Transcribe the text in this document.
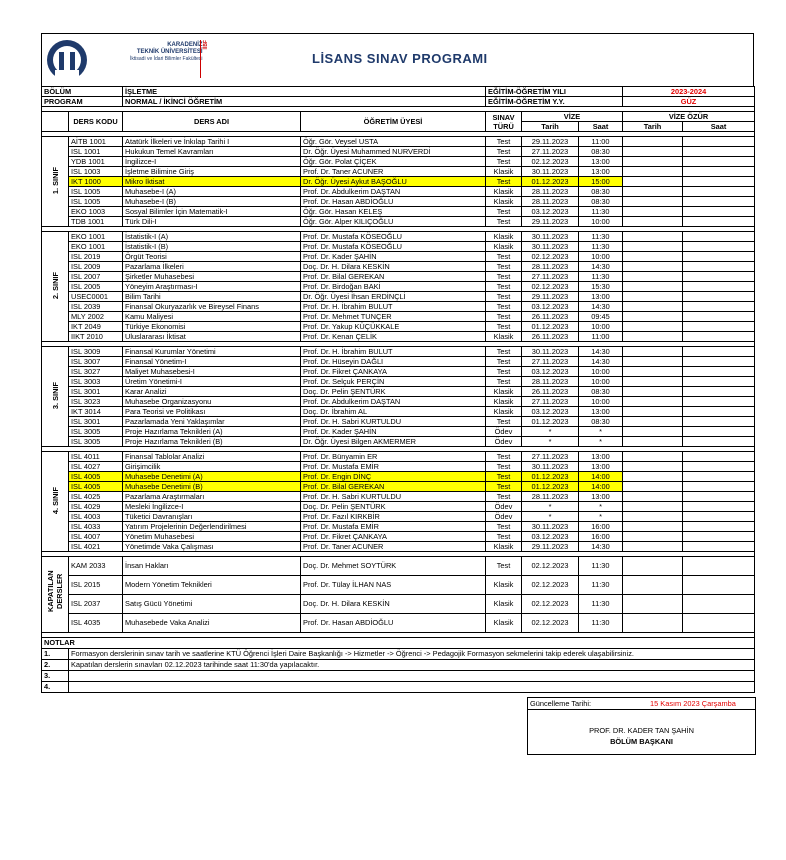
KARADENİZ
TEKNİK ÜNİVERSİTESİ
İktisadi ve İdari Bilimler Fakültesi
İİBF
LİSANS SINAV PROGRAMI
BÖLÜM		İŞLETME		EĞİTİM-ÖĞRETİM YILI			2023-2024	
PROGRAM		NORMAL / İKİNCİ ÖĞRETİM		EĞİTİM-ÖĞRETİM Y.Y.			GÜZ	

	DERS KODU	DERS ADI	ÖĞRETİM ÜYESİ	SINAV TÜRÜ	VİZE		VİZE ÖZÜR	
					Tarih	Saat	Tarih	Saat

1. SINIF	AİTB 1001	Atatürk İlkeleri ve İnkılap Tarihi I	Öğr. Gör. Veysel USTA	Test	29.11.2023	11:00		
	ISL 1001	Hukukun Temel Kavramları	Dr. Öğr. Üyesi Muhammed NURVERDİ	Test	27.11.2023	08:30		
	YDB 1001	İngilizce-I	Öğr. Gör. Polat ÇİÇEK	Test	02.12.2023	13:00		
	ISL 1003	İşletme Bilimine Giriş	Prof. Dr. Taner ACUNER	Klasik	30.11.2023	13:00		
	IKT 1000	Mikro İktisat	Dr. Öğr. Üyesi Aykut BAŞOĞLU	Test	01.12.2023	15:00		
	ISL 1005	Muhasebe-I (A)	Prof. Dr. Abdulkerim DAŞTAN	Klasik	28.11.2023	08:30		
	ISL 1005	Muhasebe-I (B)	Prof. Dr. Hasan ABDİOĞLU	Klasik	28.11.2023	08:30		
	EKO 1003	Sosyal Bilimler İçin Matematik-I	Öğr. Gör. Hasan KELEŞ	Test	03.12.2023	11:30		
	TDB 1001	Türk Dili-I	Öğr. Gör. Alper KILIÇOĞLU	Test	29.11.2023	10:00		

2. SINIF	EKO 1001	İstatistik-I (A)	Prof. Dr. Mustafa KÖSEOĞLU	Klasik	30.11.2023	11:30		
	EKO 1001	İstatistik-I (B)	Prof. Dr. Mustafa KÖSEOĞLU	Klasik	30.11.2023	11:30		
	ISL 2019	Örgüt Teorisi	Prof. Dr. Kader ŞAHİN	Test	02.12.2023	10:00		
	ISL 2009	Pazarlama İlkeleri	Doç. Dr. H. Dilara KESKİN	Test	28.11.2023	14:30		
	ISL 2007	Şirketler Muhasebesi	Prof. Dr. Bilal GEREKAN	Test	27.11.2023	11:30		
	ISL 2005	Yöneyim Araştırması-I	Prof. Dr. Birdoğan BAKİ	Test	02.12.2023	15:30		
	USEC0001	Bilim Tarihi	Dr. Öğr. Üyesi İhsan ERDİNÇLİ	Test	29.11.2023	13:00		
	ISL 2039	Finansal Okuryazarlık ve Bireysel Finans	Prof. Dr. H. İbrahim BULUT	Test	03.12.2023	14:30		
	MLY 2002	Kamu Maliyesi	Prof. Dr. Mehmet TUNÇER	Test	26.11.2023	09:45		
	IKT 2049	Türkiye Ekonomisi	Prof. Dr. Yakup KÜÇÜKKALE	Test	01.12.2023	10:00		
	IIKT 2010	Uluslararası İktisat	Prof. Dr. Kenan ÇELİK	Klasik	26.11.2023	11:00		

3. SINIF	ISL 3009	Finansal Kurumlar Yönetimi	Prof. Dr. H. İbrahim BULUT	Test	30.11.2023	14:30		
	ISL 3007	Finansal Yönetim-I	Prof. Dr. Hüseyin DAĞLI	Test	27.11.2023	14:30		
	ISL 3027	Maliyet Muhasebesi-I	Prof. Dr. Fikret ÇANKAYA	Test	03.12.2023	10:00		
	ISL 3003	Üretim Yönetimi-I	Prof. Dr. Selçuk PERÇİN	Test	28.11.2023	10:00		
	ISL 3001	Karar Analizi	Doç. Dr. Pelin ŞENTÜRK	Klasik	26.11.2023	08:30		
	ISL 3023	Muhasebe Organizasyonu	Prof. Dr. Abdulkerim DAŞTAN	Klasik	27.11.2023	10:00		
	IKT 3014	Para Teorisi ve Politikası	Doç. Dr. İbrahim AL	Klasik	03.12.2023	13:00		
	ISL 3001	Pazarlamada Yeni Yaklaşımlar	Prof. Dr. H. Sabri KURTULDU	Test	01.12.2023	08:30		
	ISL 3005	Proje Hazırlama Teknikleri (A)	Prof. Dr. Kader ŞAHİN	Ödev	*	*		
	ISL 3005	Proje Hazırlama Teknikleri (B)	Dr. Öğr. Üyesi Bilgen AKMERMER	Ödev	*	*		

4. SINIF	ISL 4011	Finansal Tablolar Analizi	Prof. Dr. Bünyamin ER	Test	27.11.2023	13:00		
	ISL 4027	Girişimcilik	Prof. Dr. Mustafa EMİR	Test	30.11.2023	13:00		
	ISL 4005	Muhasebe Denetimi (A)	Prof. Dr. Engin DİNÇ	Test	01.12.2023	14:00		
	ISL 4005	Muhasebe Denetimi (B)	Prof. Dr. Bilal GEREKAN	Test	01.12.2023	14:00		
	ISL 4025	Pazarlama Araştırmaları	Prof. Dr. H. Sabri KURTULDU	Test	28.11.2023	13:00		
	ISL 4029	Mesleki İngilizce-I	Doç. Dr. Pelin ŞENTÜRK	Ödev	*	*		
	ISL 4003	Tüketici Davranışları	Prof. Dr. Fazıl KIRKBİR	Ödev	*	*		
	ISL 4033	Yatırım Projelerinin Değerlendirilmesi	Prof. Dr. Mustafa EMİR	Test	30.11.2023	16:00		
	ISL 4007	Yönetim Muhasebesi	Prof. Dr. Fikret ÇANKAYA	Test	03.12.2023	16:00		
	ISL 4021	Yönetimde Vaka Çalışması	Prof. Dr. Taner ACUNER	Klasik	29.11.2023	14:30		

KAPATILAN DERSLER	KAM 2033	İnsan Hakları	Doç. Dr. Mehmet SOYTÜRK	Test	02.12.2023	11:30		
	ISL 2015	Modern Yönetim Teknikleri	Prof. Dr. Tülay İLHAN NAS	Klasik	02.12.2023	11:30		
	ISL 2037	Satış Gücü Yönetimi	Doç. Dr. H. Dilara KESKİN	Klasik	02.12.2023	11:30		
	ISL 4035	Muhasebede Vaka Analizi	Prof. Dr. Hasan ABDİOĞLU	Klasik	02.12.2023	11:30		

NOTLAR								
1.	Formasyon derslerinin sınav tarih ve saatlerine KTÜ Öğrenci İşleri Daire Başkanlığı -> Hizmetler -> Öğrenci -> Pedagojik Formasyon sekmelerini takip ederek ulaşabilirsiniz.							
2.	Kapatılan derslerin sınavları 02.12.2023 tarihinde saat 11:30'da yapılacaktır.							
3.								
4.								
Güncelleme Tarihi:	15 Kasım 2023 Çarşamba
PROF. DR. KADER TAN ŞAHİN
BÖLÜM BAŞKANI
